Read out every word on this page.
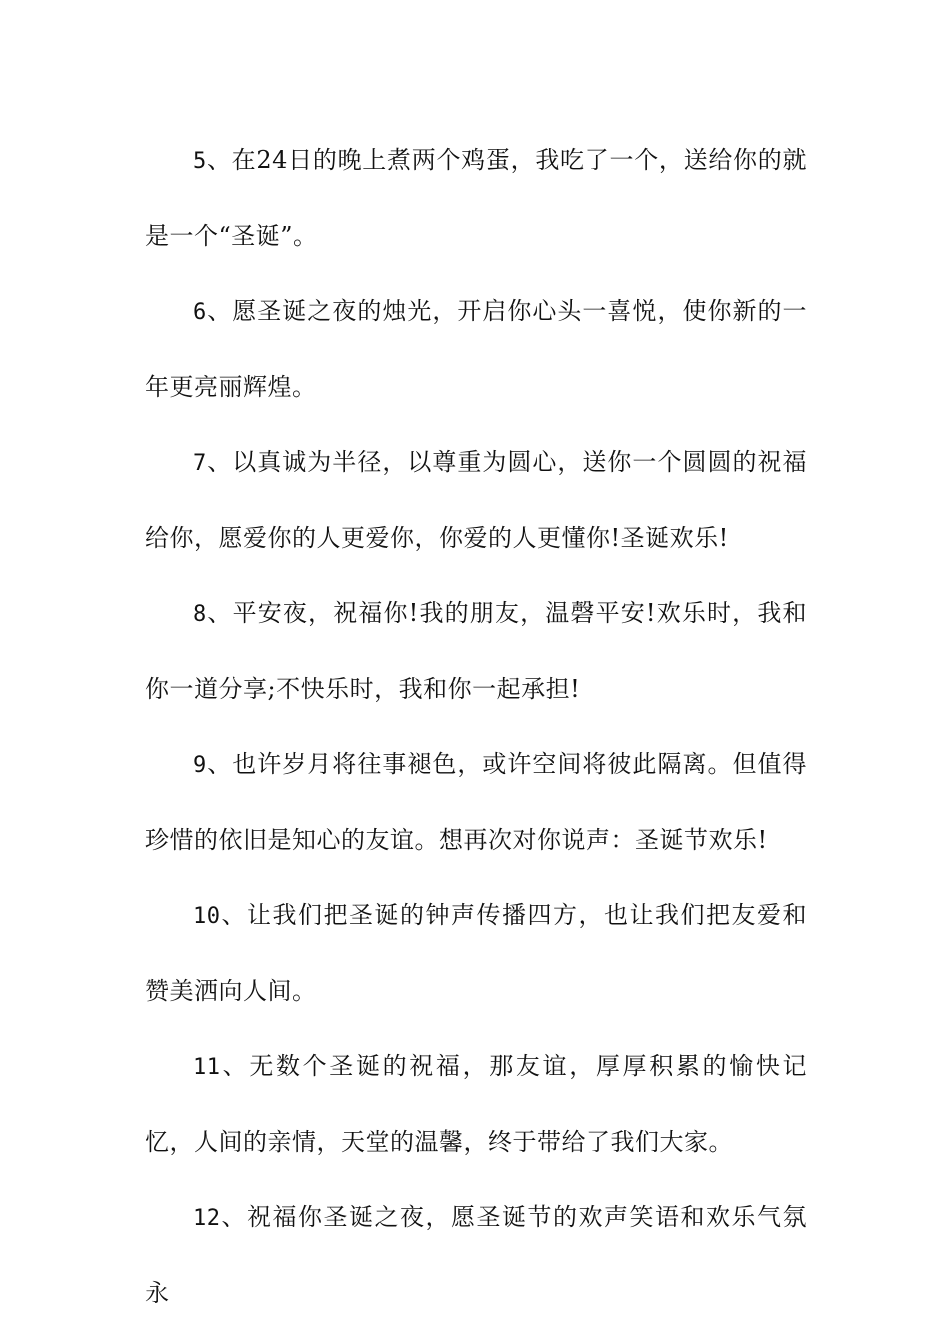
5、在24日的晚上煮两个鸡蛋，我吃了一个，送给你的就是一个“圣诞”。

6、愿圣诞之夜的烛光，开启你心头一喜悦，使你新的一年更亮丽辉煌。

7、以真诚为半径，以尊重为圆心，送你一个圆圆的祝福给你，愿爱你的人更爱你，你爱的人更懂你!圣诞欢乐!

8、平安夜，祝福你!我的朋友，温磬平安!欢乐时，我和你一道分享;不快乐时，我和你一起承担!

9、也许岁月将往事褪色，或许空间将彼此隔离。但值得珍惜的依旧是知心的友谊。想再次对你说声：圣诞节欢乐!

10、让我们把圣诞的钟声传播四方，也让我们把友爱和赞美洒向人间。

11、无数个圣诞的祝福，那友谊，厚厚积累的愉快记忆，人间的亲情，天堂的温馨，终于带给了我们大家。

12、祝福你圣诞之夜，愿圣诞节的欢声笑语和欢乐气氛永
